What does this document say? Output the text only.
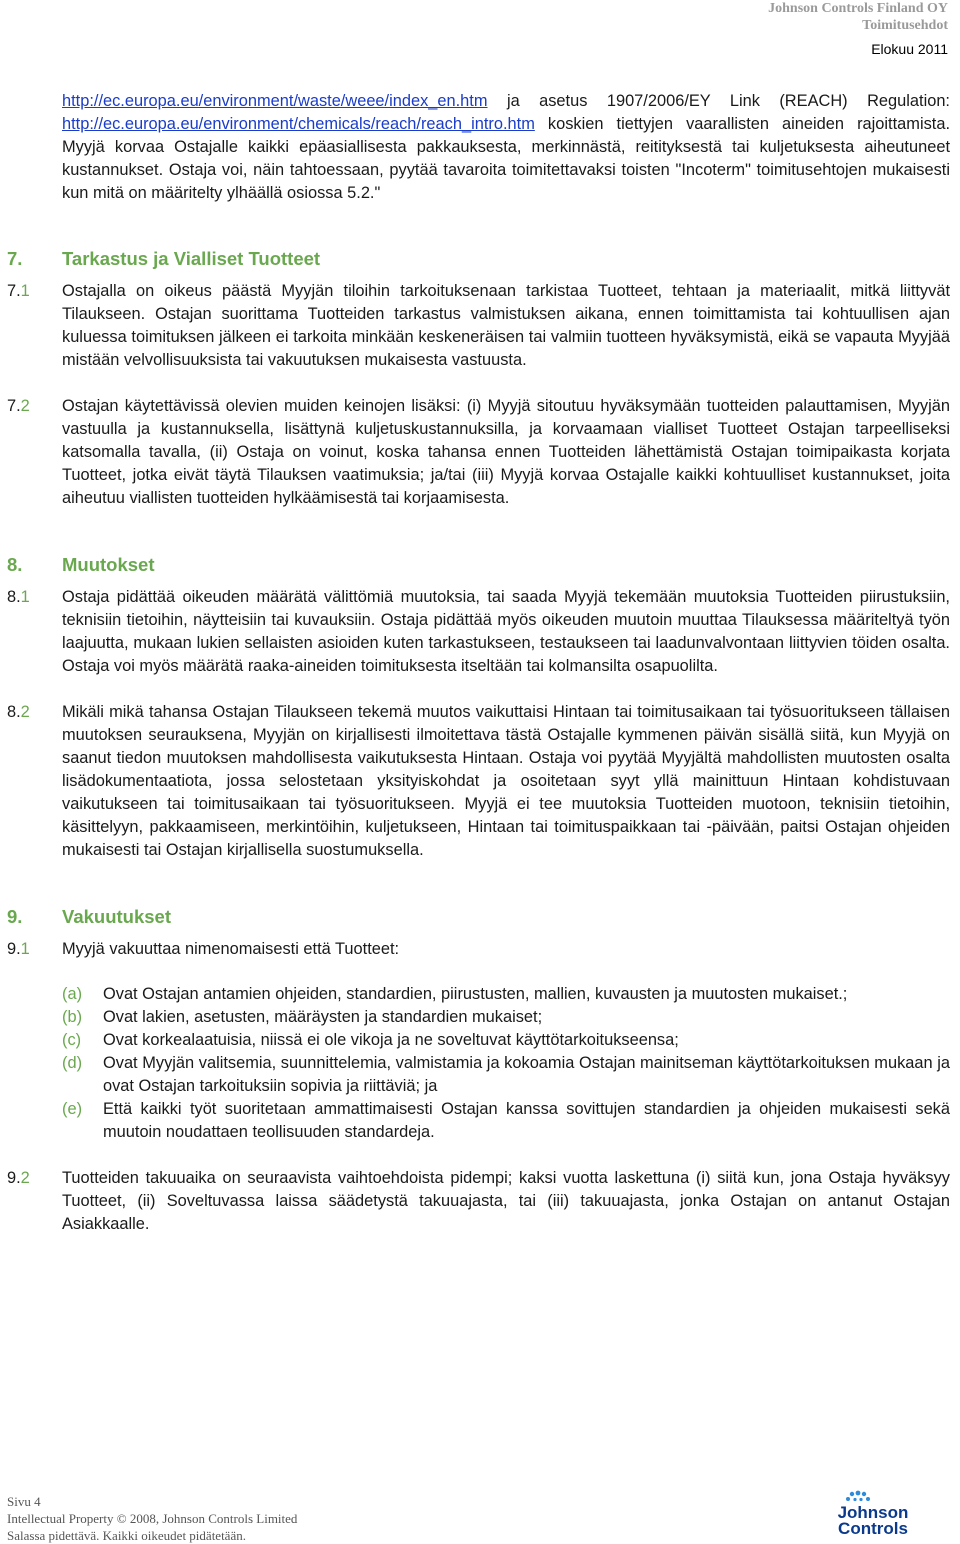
Johnson Controls Finland OY
Toimitusehdot
Elokuu 2011

http://ec.europa.eu/environment/waste/weee/index_en.htm ja asetus 1907/2006/EY Link (REACH) Regulation: http://ec.europa.eu/environment/chemicals/reach/reach_intro.htm koskien tiettyjen vaarallisten aineiden rajoittamista. Myyjä korvaa Ostajalle kaikki epäasiallisesta pakkauksesta, merkinnästä, reitityksestä tai kuljetuksesta aiheutuneet kustannukset. Ostaja voi, näin tahtoessaan, pyytää tavaroita toimitettavaksi toisten "Incoterm" toimitusehtojen mukaisesti kun mitä on määritelty ylhäällä osiossa 5.2."

7. Tarkastus ja Vialliset Tuotteet
7.1 Ostajalla on oikeus päästä Myyjän tiloihin tarkoituksenaan tarkistaa Tuotteet, tehtaan ja materiaalit, mitkä liittyvät Tilaukseen. Ostajan suorittama Tuotteiden tarkastus valmistuksen aikana, ennen toimittamista tai kohtuullisen ajan kuluessa toimituksen jälkeen ei tarkoita minkään keskeneräisen tai valmiin tuotteen hyväksymistä, eikä se vapauta Myyjää mistään velvollisuuksista tai vakuutuksen mukaisesta vastuusta.

7.2 Ostajan käytettävissä olevien muiden keinojen lisäksi: (i) Myyjä sitoutuu hyväksymään tuotteiden palauttamisen, Myyjän vastuulla ja kustannuksella, lisättynä kuljetuskustannuksilla, ja korvaamaan vialliset Tuotteet Ostajan tarpeelliseksi katsomalla tavalla, (ii) Ostaja on voinut, koska tahansa ennen Tuotteiden lähettämistä Ostajan toimipaikasta korjata Tuotteet, jotka eivät täytä Tilauksen vaatimuksia; ja/tai (iii) Myyjä korvaa Ostajalle kaikki kohtuulliset kustannukset, joita aiheutuu viallisten tuotteiden hylkäämisestä tai korjaamisesta.

8. Muutokset
8.1 Ostaja pidättää oikeuden määrätä välittömiä muutoksia, tai saada Myyjä tekemään muutoksia Tuotteiden piirustuksiin, teknisiin tietoihin, näytteisiin tai kuvauksiin. Ostaja pidättää myös oikeuden muutoin muuttaa Tilauksessa määriteltyä työn laajuutta, mukaan lukien sellaisten asioiden kuten tarkastukseen, testaukseen tai laadunvalvontaan liittyvien töiden osalta. Ostaja voi myös määrätä raaka-aineiden toimituksesta itseltään tai kolmansilta osapuolilta.

8.2 Mikäli mikä tahansa Ostajan Tilaukseen tekemä muutos vaikuttaisi Hintaan tai toimitusaikaan tai työsuoritukseen tällaisen muutoksen seurauksena, Myyjän on kirjallisesti ilmoitettava tästä Ostajalle kymmenen päivän sisällä siitä, kun Myyjä on saanut tiedon muutoksen mahdollisesta vaikutuksesta Hintaan. Ostaja voi pyytää Myyjältä mahdollisten muutosten osalta lisädokumentaatiota, jossa selostetaan yksityiskohdat ja osoitetaan syyt yllä mainittuun Hintaan kohdistuvaan vaikutukseen tai toimitusaikaan tai työsuoritukseen. Myyjä ei tee muutoksia Tuotteiden muotoon, teknisiin tietoihin, käsittelyyn, pakkaamiseen, merkintöihin, kuljetukseen, Hintaan tai toimituspaikkaan tai -päivään, paitsi Ostajan ohjeiden mukaisesti tai Ostajan kirjallisella suostumuksella.

9. Vakuutukset
9.1 Myyjä vakuuttaa nimenomaisesti että Tuotteet:

(a) Ovat Ostajan antamien ohjeiden, standardien, piirustusten, mallien, kuvausten ja muutosten mukaiset.;

(b) Ovat lakien, asetusten, määräysten ja standardien mukaiset;

(c) Ovat korkealaatuisia, niissä ei ole vikoja ja ne soveltuvat käyttötarkoitukseensa;

(d) Ovat Myyjän valitsemia, suunnittelemia, valmistamia ja kokoamia Ostajan mainitseman käyttötarkoituksen mukaan ja ovat Ostajan tarkoituksiin sopivia ja riittäviä; ja

(e) Että kaikki työt suoritetaan ammattimaisesti Ostajan kanssa sovittujen standardien ja ohjeiden mukaisesti sekä muutoin noudattaen teollisuuden standardeja.

9.2 Tuotteiden takuuaika on seuraavista vaihtoehdoista pidempi; kaksi vuotta laskettuna (i) siitä kun, jona Ostaja hyväksyy Tuotteet, (ii) Soveltuvassa laissa säädetystä takuuajasta, tai (iii) takuuajasta, jonka Ostajan on antanut Ostajan Asiakkaalle.

Sivu 4
Intellectual Property © 2008, Johnson Controls Limited
Salassa pidettävä. Kaikki oikeudet pidätetään.
Johnson
Controls
